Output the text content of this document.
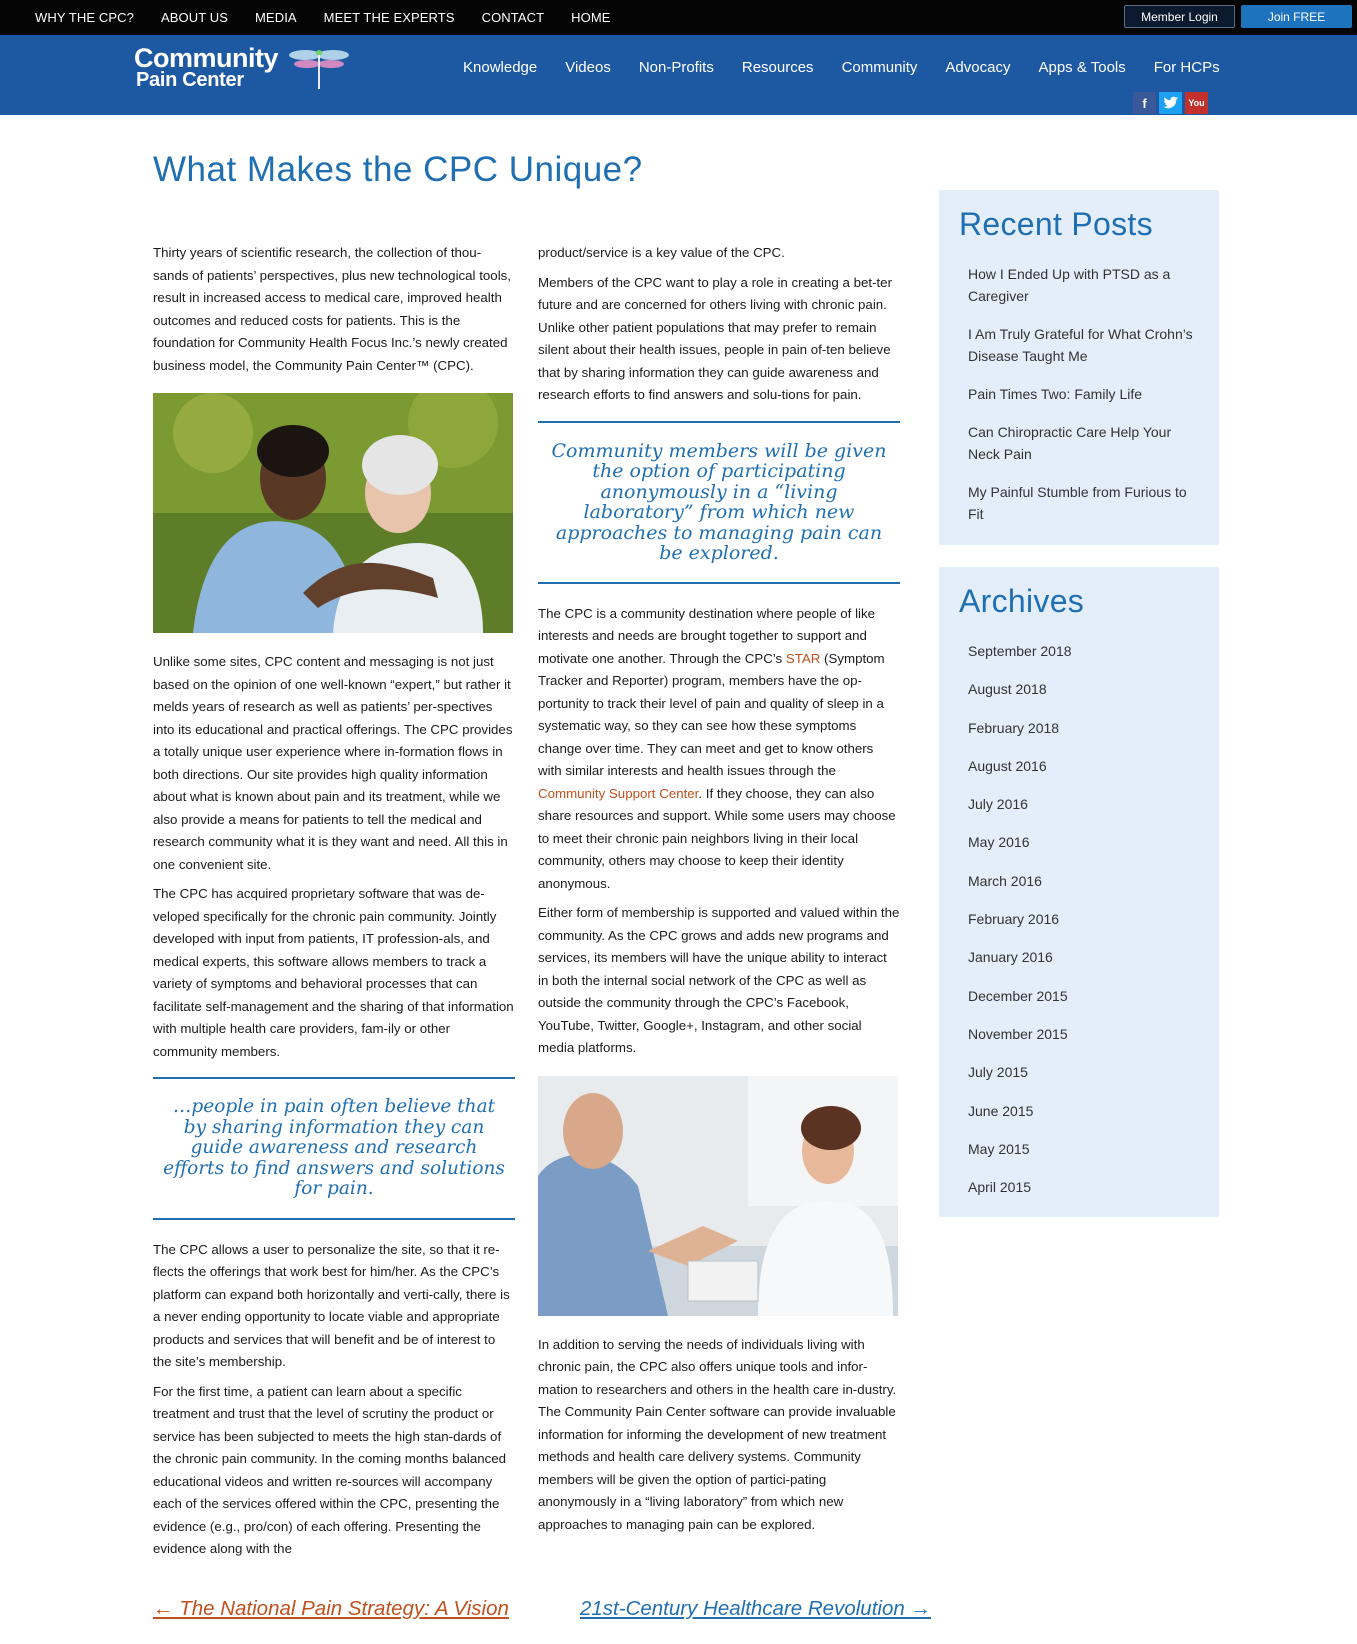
WHY THE CPC? ABOUT US MEDIA MEET THE EXPERTS CONTACT HOME	Member Login	Join FREE
Community
Pain Center
Knowledge Videos Non-Profits Resources Community Advocacy Apps & Tools For HCPs
f	You
What Makes the CPC Unique?

Thirty years of scientific research, the collection of thou-sands of patients’ perspectives, plus new technological tools, result in increased access to medical care, improved health outcomes and reduced costs for patients. This is the foundation for Community Health Focus Inc.’s newly created business model, the Community Pain Center™ (CPC).

Unlike some sites, CPC content and messaging is not just based on the opinion of one well-known “expert,” but rather it melds years of research as well as patients’ per-spectives into its educational and practical offerings. The CPC provides a totally unique user experience where in-formation flows in both directions. Our site provides high quality information about what is known about pain and its treatment, while we also provide a means for patients to tell the medical and research community what it is they want and need. All this in one convenient site.

The CPC has acquired proprietary software that was de-veloped specifically for the chronic pain community. Jointly developed with input from patients, IT profession-als, and medical experts, this software allows members to track a variety of symptoms and behavioral processes that can facilitate self-management and the sharing of that information with multiple health care providers, fam-ily or other community members.

…people in pain often believe that by sharing information they can guide awareness and research efforts to find answers and solutions for pain.

The CPC allows a user to personalize the site, so that it re-flects the offerings that work best for him/her. As the CPC’s platform can expand both horizontally and verti-cally, there is a never ending opportunity to locate viable and appropriate products and services that will benefit and be of interest to the site’s membership.

For the first time, a patient can learn about a specific treatment and trust that the level of scrutiny the product or service has been subjected to meets the high stan-dards of the chronic pain community. In the coming months balanced educational videos and written re-sources will accompany each of the services offered within the CPC, presenting the evidence (e.g., pro/con) of each offering. Presenting the evidence along with the

product/service is a key value of the CPC.

Members of the CPC want to play a role in creating a bet-ter future and are concerned for others living with chronic pain. Unlike other patient populations that may prefer to remain silent about their health issues, people in pain of-ten believe that by sharing information they can guide awareness and research efforts to find answers and solu-tions for pain.

Community members will be given the option of participating anonymously in a “living laboratory” from which new approaches to managing pain can be explored.

The CPC is a community destination where people of like interests and needs are brought together to support and motivate one another. Through the CPC’s STAR (Symptom Tracker and Reporter) program, members have the op-portunity to track their level of pain and quality of sleep in a systematic way, so they can see how these symptoms change over time. They can meet and get to know others with similar interests and health issues through the Community Support Center. If they choose, they can also share resources and support. While some users may choose to meet their chronic pain neighbors living in their local community, others may choose to keep their identity anonymous.

Either form of membership is supported and valued within the community. As the CPC grows and adds new programs and services, its members will have the unique ability to interact in both the internal social network of the CPC as well as outside the community through the CPC’s Facebook, YouTube, Twitter, Google+, Instagram, and other social media platforms.

In addition to serving the needs of individuals living with chronic pain, the CPC also offers unique tools and infor-mation to researchers and others in the health care in-dustry. The Community Pain Center software can provide invaluable information for informing the development of new treatment methods and health care delivery systems. Community members will be given the option of partici-pating anonymously in a “living laboratory” from which new approaches to managing pain can be explored.

Recent Posts
How I Ended Up with PTSD as a Caregiver
I Am Truly Grateful for What Crohn’s Disease Taught Me
Pain Times Two: Family Life
Can Chiropractic Care Help Your Neck Pain
My Painful Stumble from Furious to Fit
Archives
September 2018
August 2018
February 2018
August 2016
July 2016
May 2016
March 2016
February 2016
January 2016
December 2015
November 2015
July 2015
June 2015
May 2015
April 2015
← The National Pain Strategy: A Vision	21st-Century Healthcare Revolution →
